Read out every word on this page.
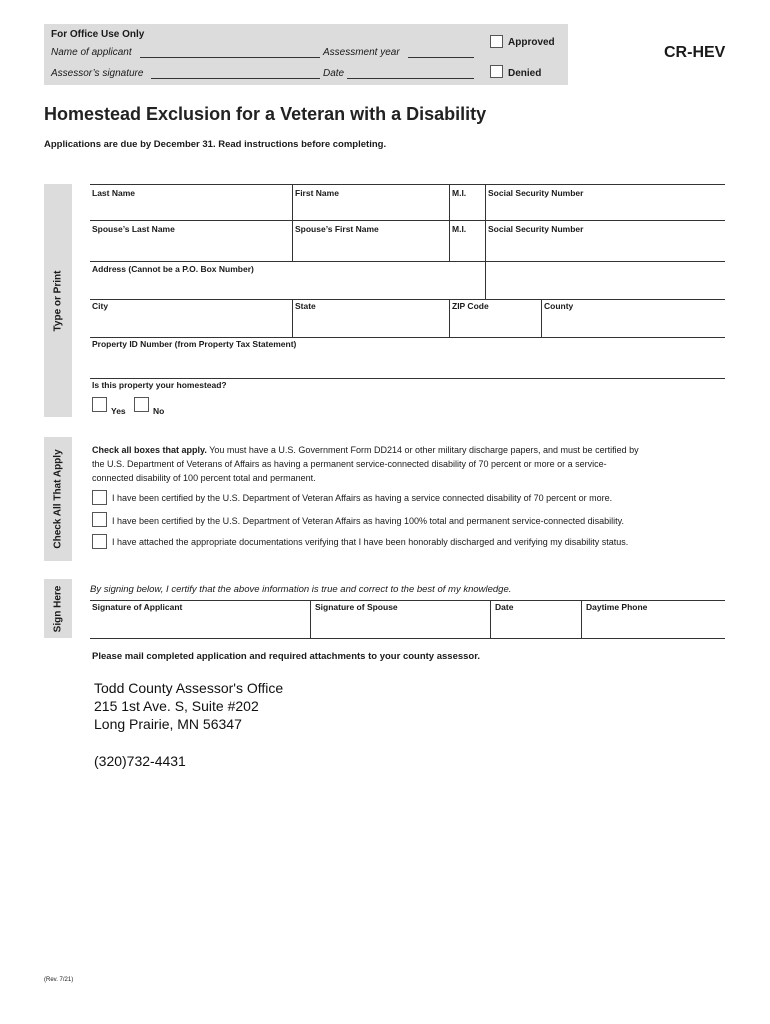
For Office Use Only
Name of applicant	Assessment year
Assessor’s signature	Date
Approved
Denied
CR-HEV
Homestead Exclusion for a Veteran with a Disability
Applications are due by December 31. Read instructions before completing.
Type or Print
Last Name	First Name	M.I.	Social Security Number
Spouse’s Last Name	Spouse’s First Name	M.I.	Social Security Number
Address (Cannot be a P.O. Box Number)
City	State	ZIP Code	County
Property ID Number (from Property Tax Statement)
Is this property your homestead?
Yes	No
Check All That Apply	Check all boxes that apply. You must have a U.S. Government Form DD214 or other military discharge papers, and must be certified by
the U.S. Department of Veterans of Affairs as having a permanent service-connected disability of 70 percent or more or a service-
connected disability of 100 percent total and permanent.
I have been certified by the U.S. Department of Veteran Affairs as having a service connected disability of 70 percent or more.
I have been certified by the U.S. Department of Veteran Affairs as having 100% total and permanent service-connected disability.
I have attached the appropriate documentations verifying that I have been honorably discharged and verifying my disability status.
Sign Here	By signing below, I certify that the above information is true and correct to the best of my knowledge.
Signature of Applicant	Signature of Spouse	Date	Daytime Phone
Please mail completed application and required attachments to your county assessor.
Todd County Assessor's Office
215 1st Ave. S, Suite #202
Long Prairie, MN 56347
(320)732-4431
(Rev. 7/21)
